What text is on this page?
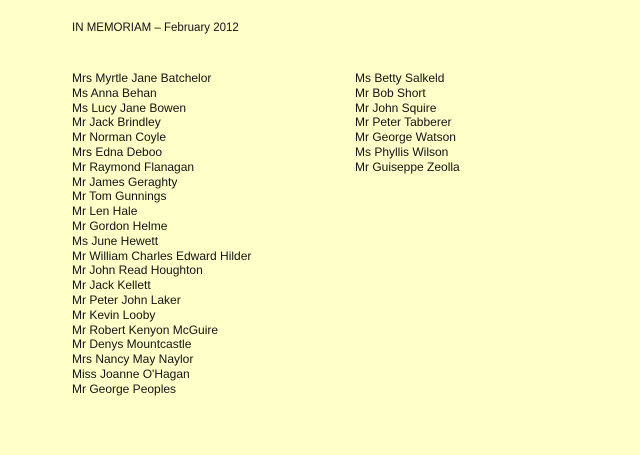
IN MEMORIAM – February 2012
Mrs Myrtle Jane Batchelor
Ms Anna Behan
Ms Lucy Jane Bowen
Mr Jack Brindley
Mr Norman Coyle
Mrs Edna Deboo
Mr Raymond Flanagan
Mr James Geraghty
Mr Tom Gunnings
Mr Len Hale
Mr Gordon Helme
Ms June Hewett
Mr William Charles Edward Hilder
Mr John Read Houghton
Mr Jack Kellett
Mr Peter John Laker
Mr Kevin Looby
Mr Robert Kenyon McGuire
Mr Denys Mountcastle
Mrs Nancy May Naylor
Miss Joanne O'Hagan
Mr George Peoples
Ms Betty Salkeld
Mr Bob Short
Mr John Squire
Mr Peter Tabberer
Mr George Watson
Ms Phyllis Wilson
Mr Guiseppe Zeolla
